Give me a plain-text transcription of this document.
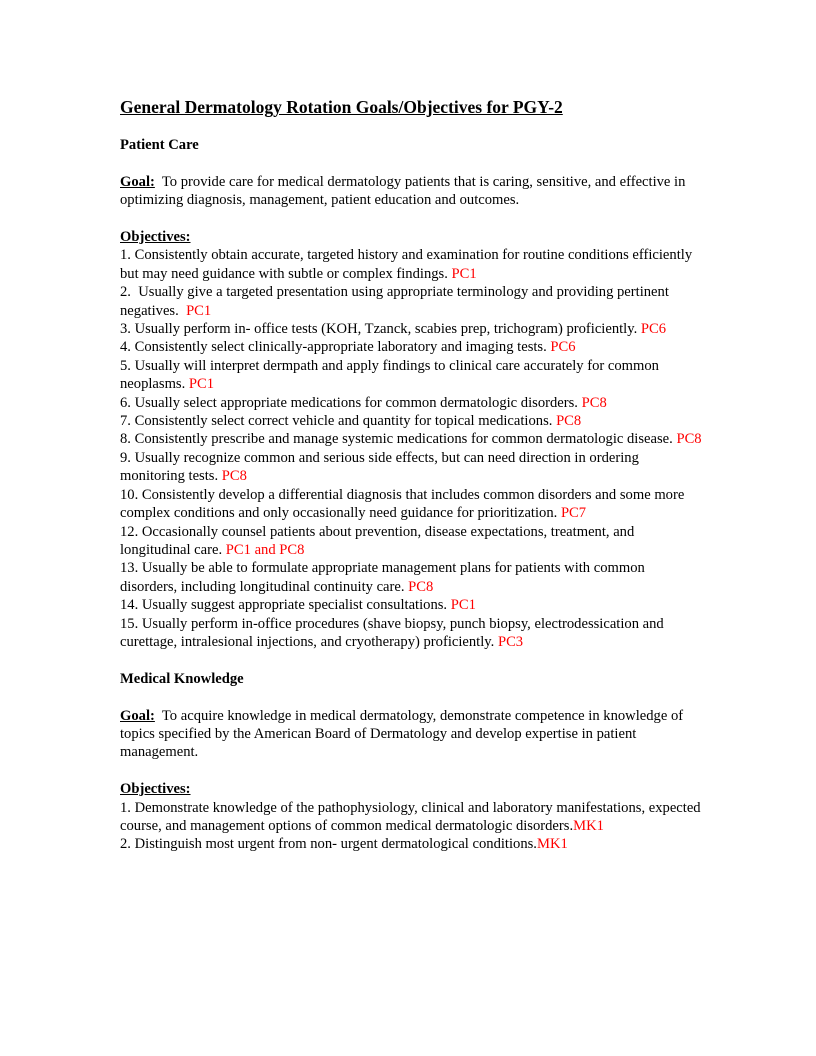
General Dermatology Rotation Goals/Objectives for PGY-2
Patient Care
Goal:  To provide care for medical dermatology patients that is caring, sensitive, and effective in optimizing diagnosis, management, patient education and outcomes.
Objectives:
1. Consistently obtain accurate, targeted history and examination for routine conditions efficiently but may need guidance with subtle or complex findings. PC1
2.  Usually give a targeted presentation using appropriate terminology and providing pertinent negatives.  PC1
3. Usually perform in- office tests (KOH, Tzanck, scabies prep, trichogram) proficiently. PC6
4. Consistently select clinically-appropriate laboratory and imaging tests. PC6
5. Usually will interpret dermpath and apply findings to clinical care accurately for common neoplasms. PC1
6. Usually select appropriate medications for common dermatologic disorders. PC8
7. Consistently select correct vehicle and quantity for topical medications. PC8
8. Consistently prescribe and manage systemic medications for common dermatologic disease. PC8
9. Usually recognize common and serious side effects, but can need direction in ordering monitoring tests. PC8
10. Consistently develop a differential diagnosis that includes common disorders and some more complex conditions and only occasionally need guidance for prioritization. PC7
12. Occasionally counsel patients about prevention, disease expectations, treatment, and longitudinal care. PC1 and PC8
13. Usually be able to formulate appropriate management plans for patients with common disorders, including longitudinal continuity care. PC8
14. Usually suggest appropriate specialist consultations. PC1
15. Usually perform in-office procedures (shave biopsy, punch biopsy, electrodessication and curettage, intralesional injections, and cryotherapy) proficiently. PC3
Medical Knowledge
Goal:  To acquire knowledge in medical dermatology, demonstrate competence in knowledge of topics specified by the American Board of Dermatology and develop expertise in patient management.
Objectives:
1. Demonstrate knowledge of the pathophysiology, clinical and laboratory manifestations, expected course, and management options of common medical dermatologic disorders.MK1
2. Distinguish most urgent from non- urgent dermatological conditions.MK1
